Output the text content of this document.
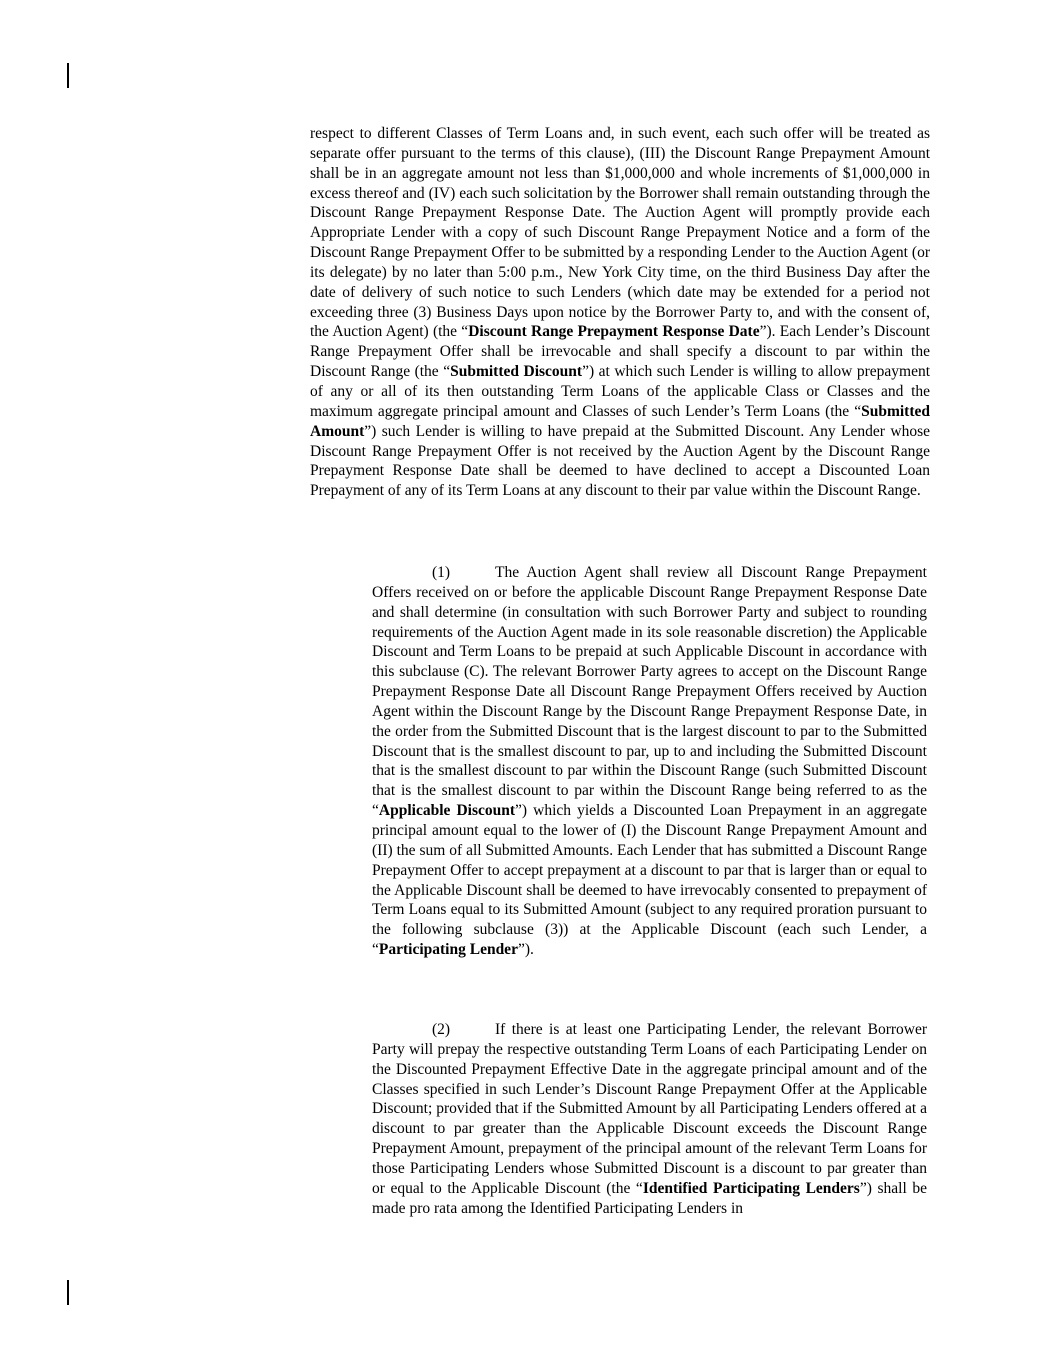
respect to different Classes of Term Loans and, in such event, each such offer will be treated as separate offer pursuant to the terms of this clause), (III) the Discount Range Prepayment Amount shall be in an aggregate amount not less than $1,000,000 and whole increments of $1,000,000 in excess thereof and (IV) each such solicitation by the Borrower shall remain outstanding through the Discount Range Prepayment Response Date. The Auction Agent will promptly provide each Appropriate Lender with a copy of such Discount Range Prepayment Notice and a form of the Discount Range Prepayment Offer to be submitted by a responding Lender to the Auction Agent (or its delegate) by no later than 5:00 p.m., New York City time, on the third Business Day after the date of delivery of such notice to such Lenders (which date may be extended for a period not exceeding three (3) Business Days upon notice by the Borrower Party to, and with the consent of, the Auction Agent) (the “Discount Range Prepayment Response Date”). Each Lender’s Discount Range Prepayment Offer shall be irrevocable and shall specify a discount to par within the Discount Range (the “Submitted Discount”) at which such Lender is willing to allow prepayment of any or all of its then outstanding Term Loans of the applicable Class or Classes and the maximum aggregate principal amount and Classes of such Lender’s Term Loans (the “Submitted Amount”) such Lender is willing to have prepaid at the Submitted Discount. Any Lender whose Discount Range Prepayment Offer is not received by the Auction Agent by the Discount Range Prepayment Response Date shall be deemed to have declined to accept a Discounted Loan Prepayment of any of its Term Loans at any discount to their par value within the Discount Range.

(1)	The Auction Agent shall review all Discount Range Prepayment Offers received on or before the applicable Discount Range Prepayment Response Date and shall determine (in consultation with such Borrower Party and subject to rounding requirements of the Auction Agent made in its sole reasonable discretion) the Applicable Discount and Term Loans to be prepaid at such Applicable Discount in accordance with this subclause (C). The relevant Borrower Party agrees to accept on the Discount Range Prepayment Response Date all Discount Range Prepayment Offers received by Auction Agent within the Discount Range by the Discount Range Prepayment Response Date, in the order from the Submitted Discount that is the largest discount to par to the Submitted Discount that is the smallest discount to par, up to and including the Submitted Discount that is the smallest discount to par within the Discount Range (such Submitted Discount that is the smallest discount to par within the Discount Range being referred to as the “Applicable Discount”) which yields a Discounted Loan Prepayment in an aggregate principal amount equal to the lower of (I) the Discount Range Prepayment Amount and (II) the sum of all Submitted Amounts. Each Lender that has submitted a Discount Range Prepayment Offer to accept prepayment at a discount to par that is larger than or equal to the Applicable Discount shall be deemed to have irrevocably consented to prepayment of Term Loans equal to its Submitted Amount (subject to any required proration pursuant to the following subclause (3)) at the Applicable Discount (each such Lender, a “Participating Lender”).

(2)	If there is at least one Participating Lender, the relevant Borrower Party will prepay the respective outstanding Term Loans of each Participating Lender on the Discounted Prepayment Effective Date in the aggregate principal amount and of the Classes specified in such Lender’s Discount Range Prepayment Offer at the Applicable Discount; provided that if the Submitted Amount by all Participating Lenders offered at a discount to par greater than the Applicable Discount exceeds the Discount Range Prepayment Amount, prepayment of the principal amount of the relevant Term Loans for those Participating Lenders whose Submitted Discount is a discount to par greater than or equal to the Applicable Discount (the “Identified Participating Lenders”) shall be made pro rata among the Identified Participating Lenders in
